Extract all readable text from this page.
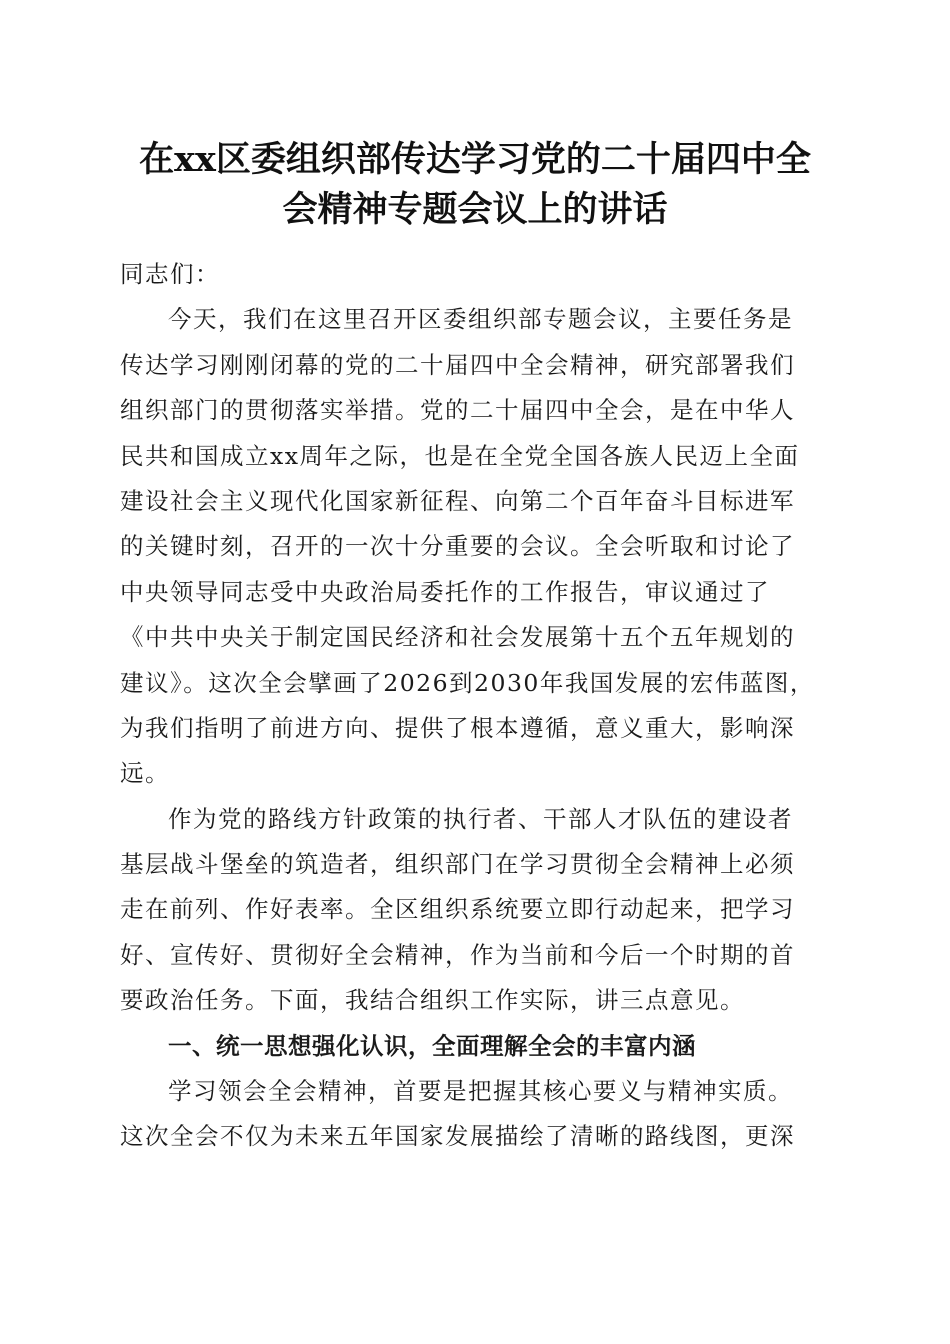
在xx区委组织部传达学习党的二十届四中全
会精神专题会议上的讲话
同志们：
今天，我们在这里召开区委组织部专题会议，主要任务是
传达学习刚刚闭幕的党的二十届四中全会精神，研究部署我们
组织部门的贯彻落实举措。党的二十届四中全会，是在中华人
民共和国成立xx周年之际，也是在全党全国各族人民迈上全面
建设社会主义现代化国家新征程、向第二个百年奋斗目标进军
的关键时刻，召开的一次十分重要的会议。全会听取和讨论了
中央领导同志受中央政治局委托作的工作报告，审议通过了
《中共中央关于制定国民经济和社会发展第十五个五年规划的
建议》。这次全会擘画了2026到2030年我国发展的宏伟蓝图，
为我们指明了前进方向、提供了根本遵循，意义重大，影响深
远。
作为党的路线方针政策的执行者、干部人才队伍的建设者
基层战斗堡垒的筑造者，组织部门在学习贯彻全会精神上必须
走在前列、作好表率。全区组织系统要立即行动起来，把学习
好、宣传好、贯彻好全会精神，作为当前和今后一个时期的首
要政治任务。下面，我结合组织工作实际，讲三点意见。
一、统一思想强化认识，全面理解全会的丰富内涵
学习领会全会精神，首要是把握其核心要义与精神实质。
这次全会不仅为未来五年国家发展描绘了清晰的路线图，更深
